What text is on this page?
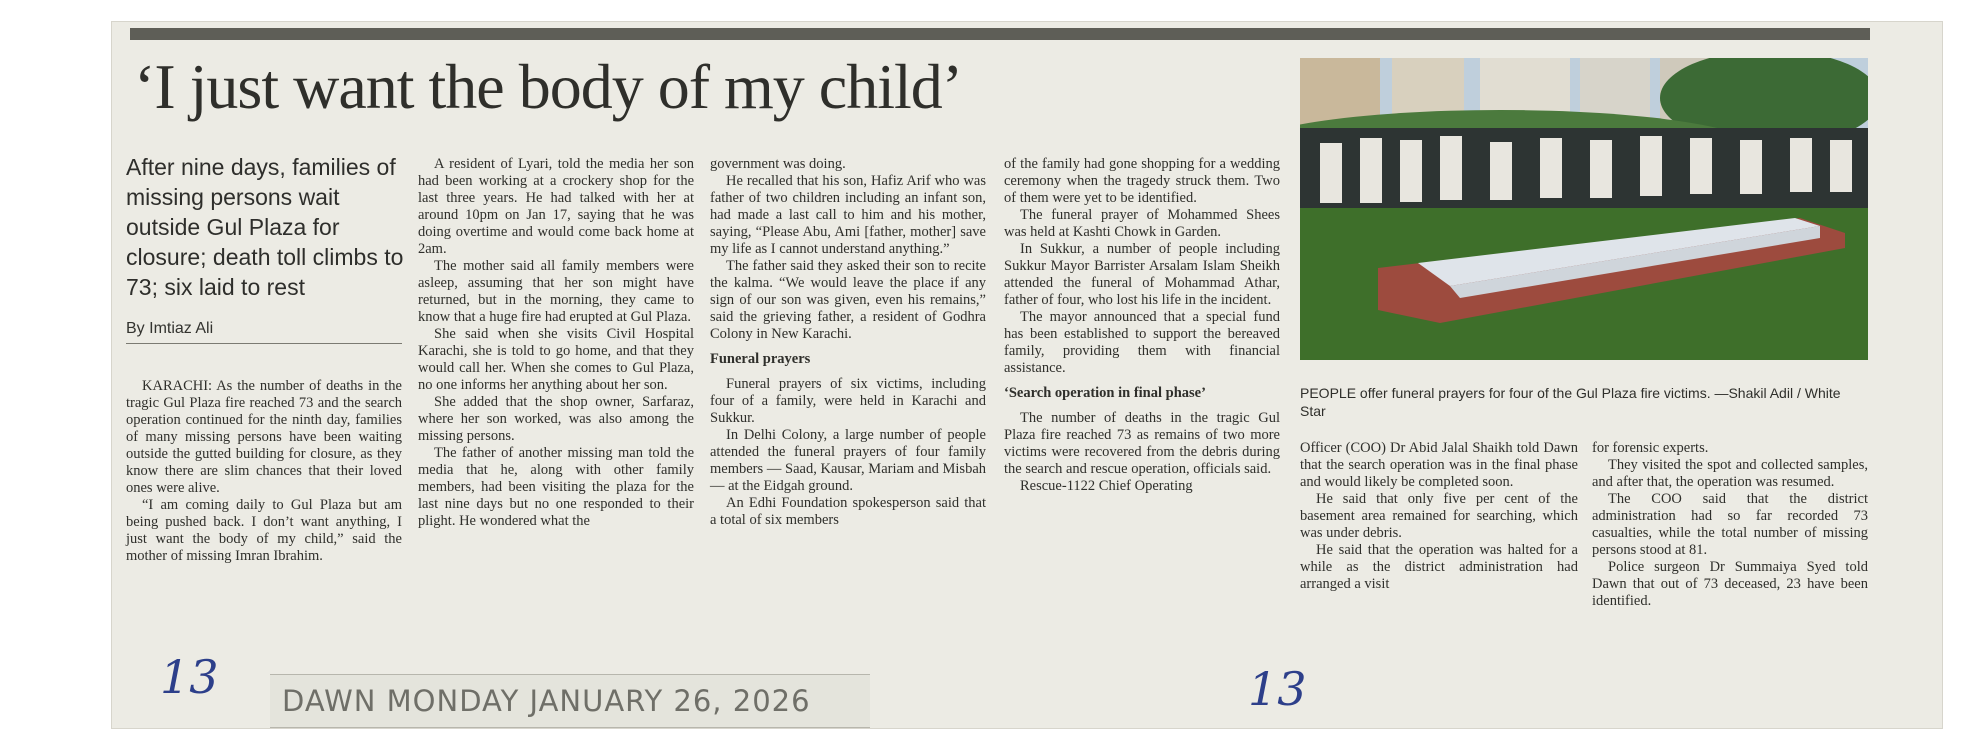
‘I just want the body of my child’
After nine days, families of missing persons wait outside Gul Plaza for closure; death toll climbs to 73; six laid to rest
By Imtiaz Ali

KARACHI: As the number of deaths in the tragic Gul Plaza fire reached 73 and the search operation continued for the ninth day, families of many missing persons have been waiting outside the gutted building for closure, as they know there are slim chances that their loved ones were alive.

“I am coming daily to Gul Plaza but am being pushed back. I don’t want anything, I just want the body of my child,” said the mother of missing Imran Ibrahim.

A resident of Lyari, told the media her son had been working at a crockery shop for the last three years. He had talked with her at around 10pm on Jan 17, saying that he was doing overtime and would come back home at 2am.

The mother said all family members were asleep, assuming that her son might have returned, but in the morning, they came to know that a huge fire had erupted at Gul Plaza.

She said when she visits Civil Hospital Karachi, she is told to go home, and that they would call her. When she comes to Gul Plaza, no one informs her anything about her son.

She added that the shop owner, Sarfaraz, where her son worked, was also among the missing persons.

The father of another missing man told the media that he, along with other family members, had been visiting the plaza for the last nine days but no one responded to their plight. He wondered what the

government was doing.

He recalled that his son, Hafiz Arif who was father of two children including an infant son, had made a last call to him and his mother, saying, “Please Abu, Ami [father, mother] save my life as I cannot understand anything.”

The father said they asked their son to recite the kalma. “We would leave the place if any sign of our son was given, even his remains,” said the grieving father, a resident of Godhra Colony in New Karachi.

Funeral prayers

Funeral prayers of six victims, including four of a family, were held in Karachi and Sukkur.

In Delhi Colony, a large number of people attended the funeral prayers of four family members — Saad, Kausar, Mariam and Misbah — at the Eidgah ground.

An Edhi Foundation spokesperson said that a total of six members

of the family had gone shopping for a wedding ceremony when the tragedy struck them. Two of them were yet to be identified.

The funeral prayer of Mohammed Shees was held at Kashti Chowk in Garden.

In Sukkur, a number of people including Sukkur Mayor Barrister Arsalam Islam Sheikh attended the funeral of Mohammad Athar, father of four, who lost his life in the incident.

The mayor announced that a special fund has been established to support the bereaved family, providing them with financial assistance.

‘Search operation in final phase’

The number of deaths in the tragic Gul Plaza fire reached 73 as remains of two more victims were recovered from the debris during the search and rescue operation, officials said.

Rescue-1122 Chief Operating

PEOPLE offer funeral prayers for four of the Gul Plaza fire victims. —Shakil Adil / White Star

Officer (COO) Dr Abid Jalal Shaikh told Dawn that the search operation was in the final phase and would likely be completed soon.

He said that only five per cent of the basement area remained for searching, which was under debris.

He said that the operation was halted for a while as the district administration had arranged a visit

for forensic experts.

They visited the spot and collected samples, and after that, the operation was resumed.

The COO said that the district administration had so far recorded 73 casualties, while the total number of missing persons stood at 81.

Police surgeon Dr Summaiya Syed told Dawn that out of 73 deceased, 23 have been identified.

13	13
DAWN MONDAY JANUARY 26, 2026
